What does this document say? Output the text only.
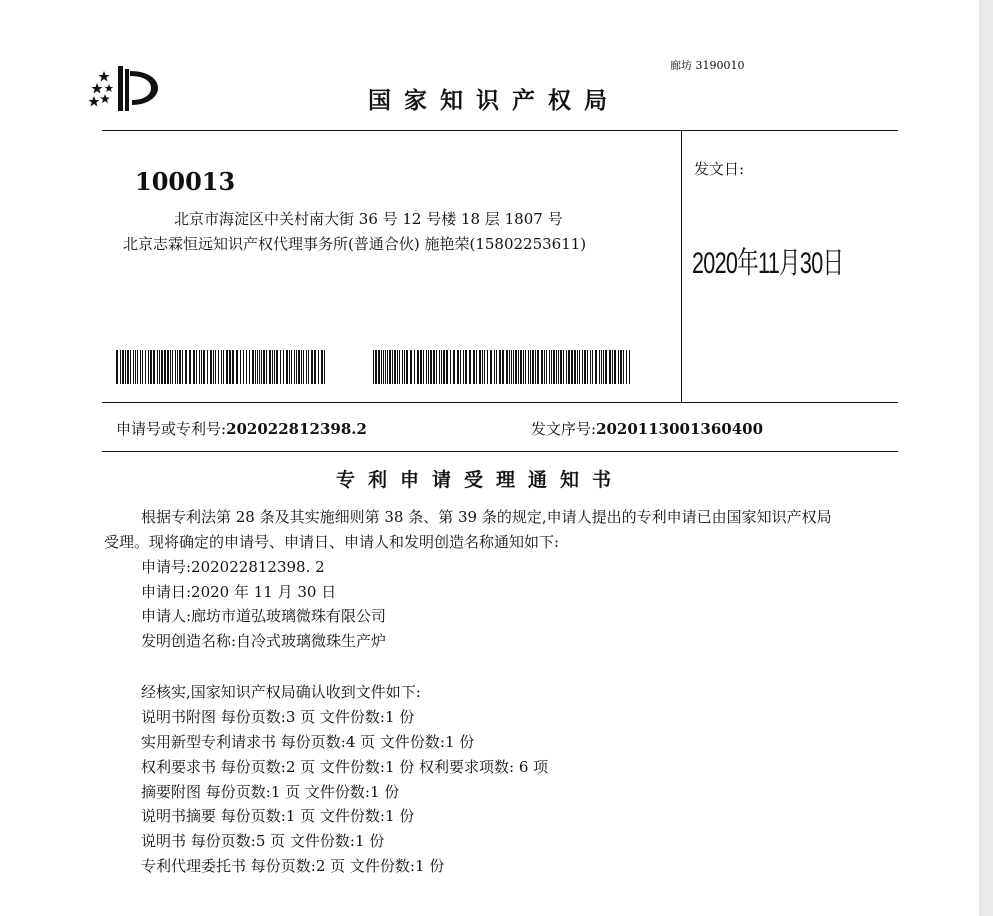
廊坊 3190010
国家知识产权局
100013
北京市海淀区中关村南大街 36 号 12 号楼 18 层 1807 号
北京志霖恒远知识产权代理事务所(普通合伙) 施艳荣(15802253611)
发文日:
2020年11月30日
申请号或专利号:202022812398.2	发文序号:2020113001360400
专利申请受理通知书
根据专利法第 28 条及其实施细则第 38 条、第 39 条的规定,申请人提出的专利申请已由国家知识产权局
受理。现将确定的申请号、申请日、申请人和发明创造名称通知如下:
申请号:202022812398. 2
申请日:2020 年 11 月 30 日
申请人:廊坊市道弘玻璃微珠有限公司
发明创造名称:自冷式玻璃微珠生产炉
经核实,国家知识产权局确认收到文件如下:
说明书附图 每份页数:3 页 文件份数:1 份
实用新型专利请求书 每份页数:4 页 文件份数:1 份
权利要求书 每份页数:2 页 文件份数:1 份 权利要求项数: 6 项
摘要附图 每份页数:1 页 文件份数:1 份
说明书摘要 每份页数:1 页 文件份数:1 份
说明书 每份页数:5 页 文件份数:1 份
专利代理委托书 每份页数:2 页 文件份数:1 份
